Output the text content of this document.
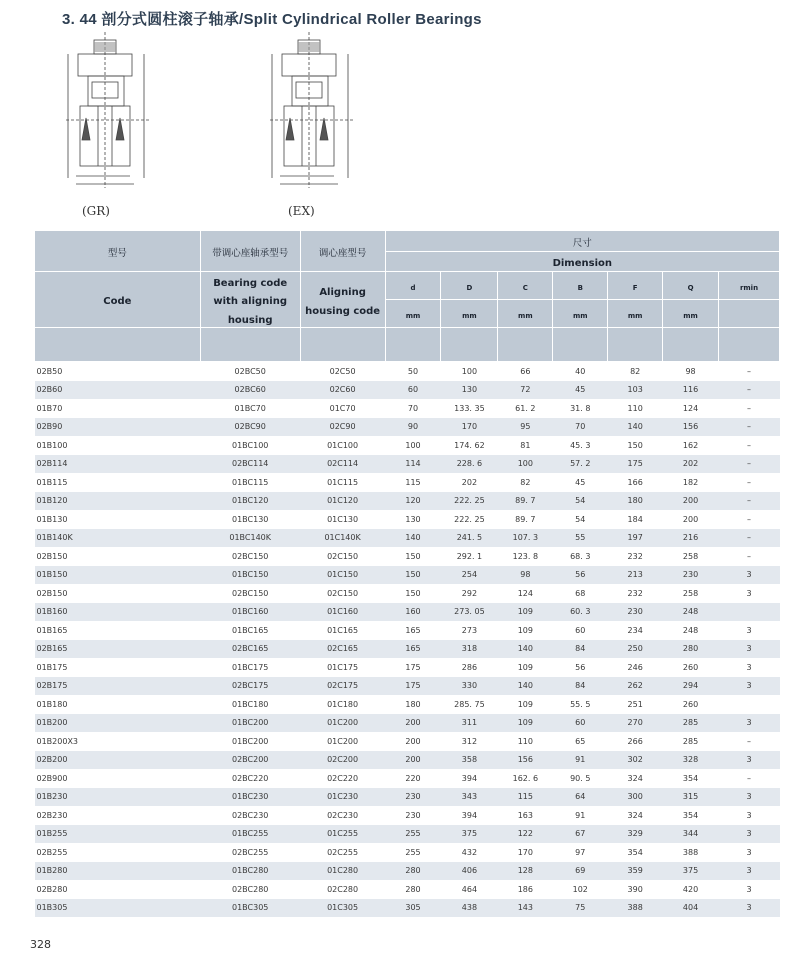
3. 44 剖分式圆柱滚子轴承/Split Cylindrical Roller Bearings
(GR)	(EX)
型号	带调心座轴承型号	调心座型号	尺寸						
			Dimension						
Code	Bearing code with aligning housing	Aligning housing code	d	D	C	B	F	Q	rmin
			mm	mm	mm	mm	mm	mm	

02B50	02BC50	02C50	50	100	66	40	82	98	–
02B60	02BC60	02C60	60	130	72	45	103	116	–
01B70	01BC70	01C70	70	133. 35	61. 2	31. 8	110	124	–
02B90	02BC90	02C90	90	170	95	70	140	156	–
01B100	01BC100	01C100	100	174. 62	81	45. 3	150	162	–
02B114	02BC114	02C114	114	228. 6	100	57. 2	175	202	–
01B115	01BC115	01C115	115	202	82	45	166	182	–
01B120	01BC120	01C120	120	222. 25	89. 7	54	180	200	–
01B130	01BC130	01C130	130	222. 25	89. 7	54	184	200	–
01B140K	01BC140K	01C140K	140	241. 5	107. 3	55	197	216	–
02B150	02BC150	02C150	150	292. 1	123. 8	68. 3	232	258	–
01B150	01BC150	01C150	150	254	98	56	213	230	3
02B150	02BC150	02C150	150	292	124	68	232	258	3
01B160	01BC160	01C160	160	273. 05	109	60. 3	230	248	
01B165	01BC165	01C165	165	273	109	60	234	248	3
02B165	02BC165	02C165	165	318	140	84	250	280	3
01B175	01BC175	01C175	175	286	109	56	246	260	3
02B175	02BC175	02C175	175	330	140	84	262	294	3
01B180	01BC180	01C180	180	285. 75	109	55. 5	251	260	
01B200	01BC200	01C200	200	311	109	60	270	285	3
01B200X3	01BC200	01C200	200	312	110	65	266	285	–
02B200	02BC200	02C200	200	358	156	91	302	328	3
02B900	02BC220	02C220	220	394	162. 6	90. 5	324	354	–
01B230	01BC230	01C230	230	343	115	64	300	315	3
02B230	02BC230	02C230	230	394	163	91	324	354	3
01B255	01BC255	01C255	255	375	122	67	329	344	3
02B255	02BC255	02C255	255	432	170	97	354	388	3
01B280	01BC280	01C280	280	406	128	69	359	375	3
02B280	02BC280	02C280	280	464	186	102	390	420	3
01B305	01BC305	01C305	305	438	143	75	388	404	3
328
